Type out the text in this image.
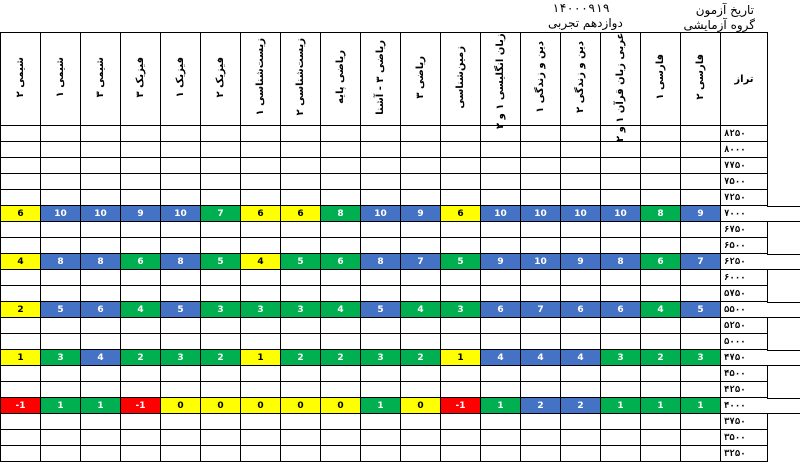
تاریخ آزمون
گروه آزمایشی
۱۴۰۰۰۹۱۹
دوازدهم تجربی
شیمی ۲	شیمی ۱	شیمی ۳	فیزیک ۳	فیزیک ۱	فیزیک ۲	زیست‌شناسی ۱	زیست‌شناسی ۲	ریاضی پایه	ریاضی ۳ - آشنا	ریاضی ۳	زمین‌شناسی	زبان انگلیسی ۱ و ۲	دین و زندگی ۱	دین و زندگی ۲	عربی زبان قرآن ۱ و ۲	فارسی ۱	فارسی ۲	تراز
																		۸۲۵۰
																		۸۰۰۰
																		۷۷۵۰
																		۷۵۰۰
																		۷۲۵۰
6	10	10	9	10	7	6	6	8	10	9	6	10	10	10	10	8	9	۷۰۰۰
																		۶۷۵۰
																		۶۵۰۰
4	8	8	6	8	5	4	5	6	8	7	5	9	10	9	8	6	7	۶۲۵۰
																		۶۰۰۰
																		۵۷۵۰
2	5	6	4	5	3	3	3	4	5	4	3	6	7	6	6	4	5	۵۵۰۰
																		۵۲۵۰
																		۵۰۰۰
1	3	4	2	3	2	1	2	2	3	2	1	4	4	4	3	2	3	۴۷۵۰
																		۴۵۰۰
																		۴۲۵۰
-1	1	1	-1	0	0	0	0	0	1	0	-1	1	2	2	1	1	1	۴۰۰۰
																		۳۷۵۰
																		۳۵۰۰
																		۳۲۵۰
